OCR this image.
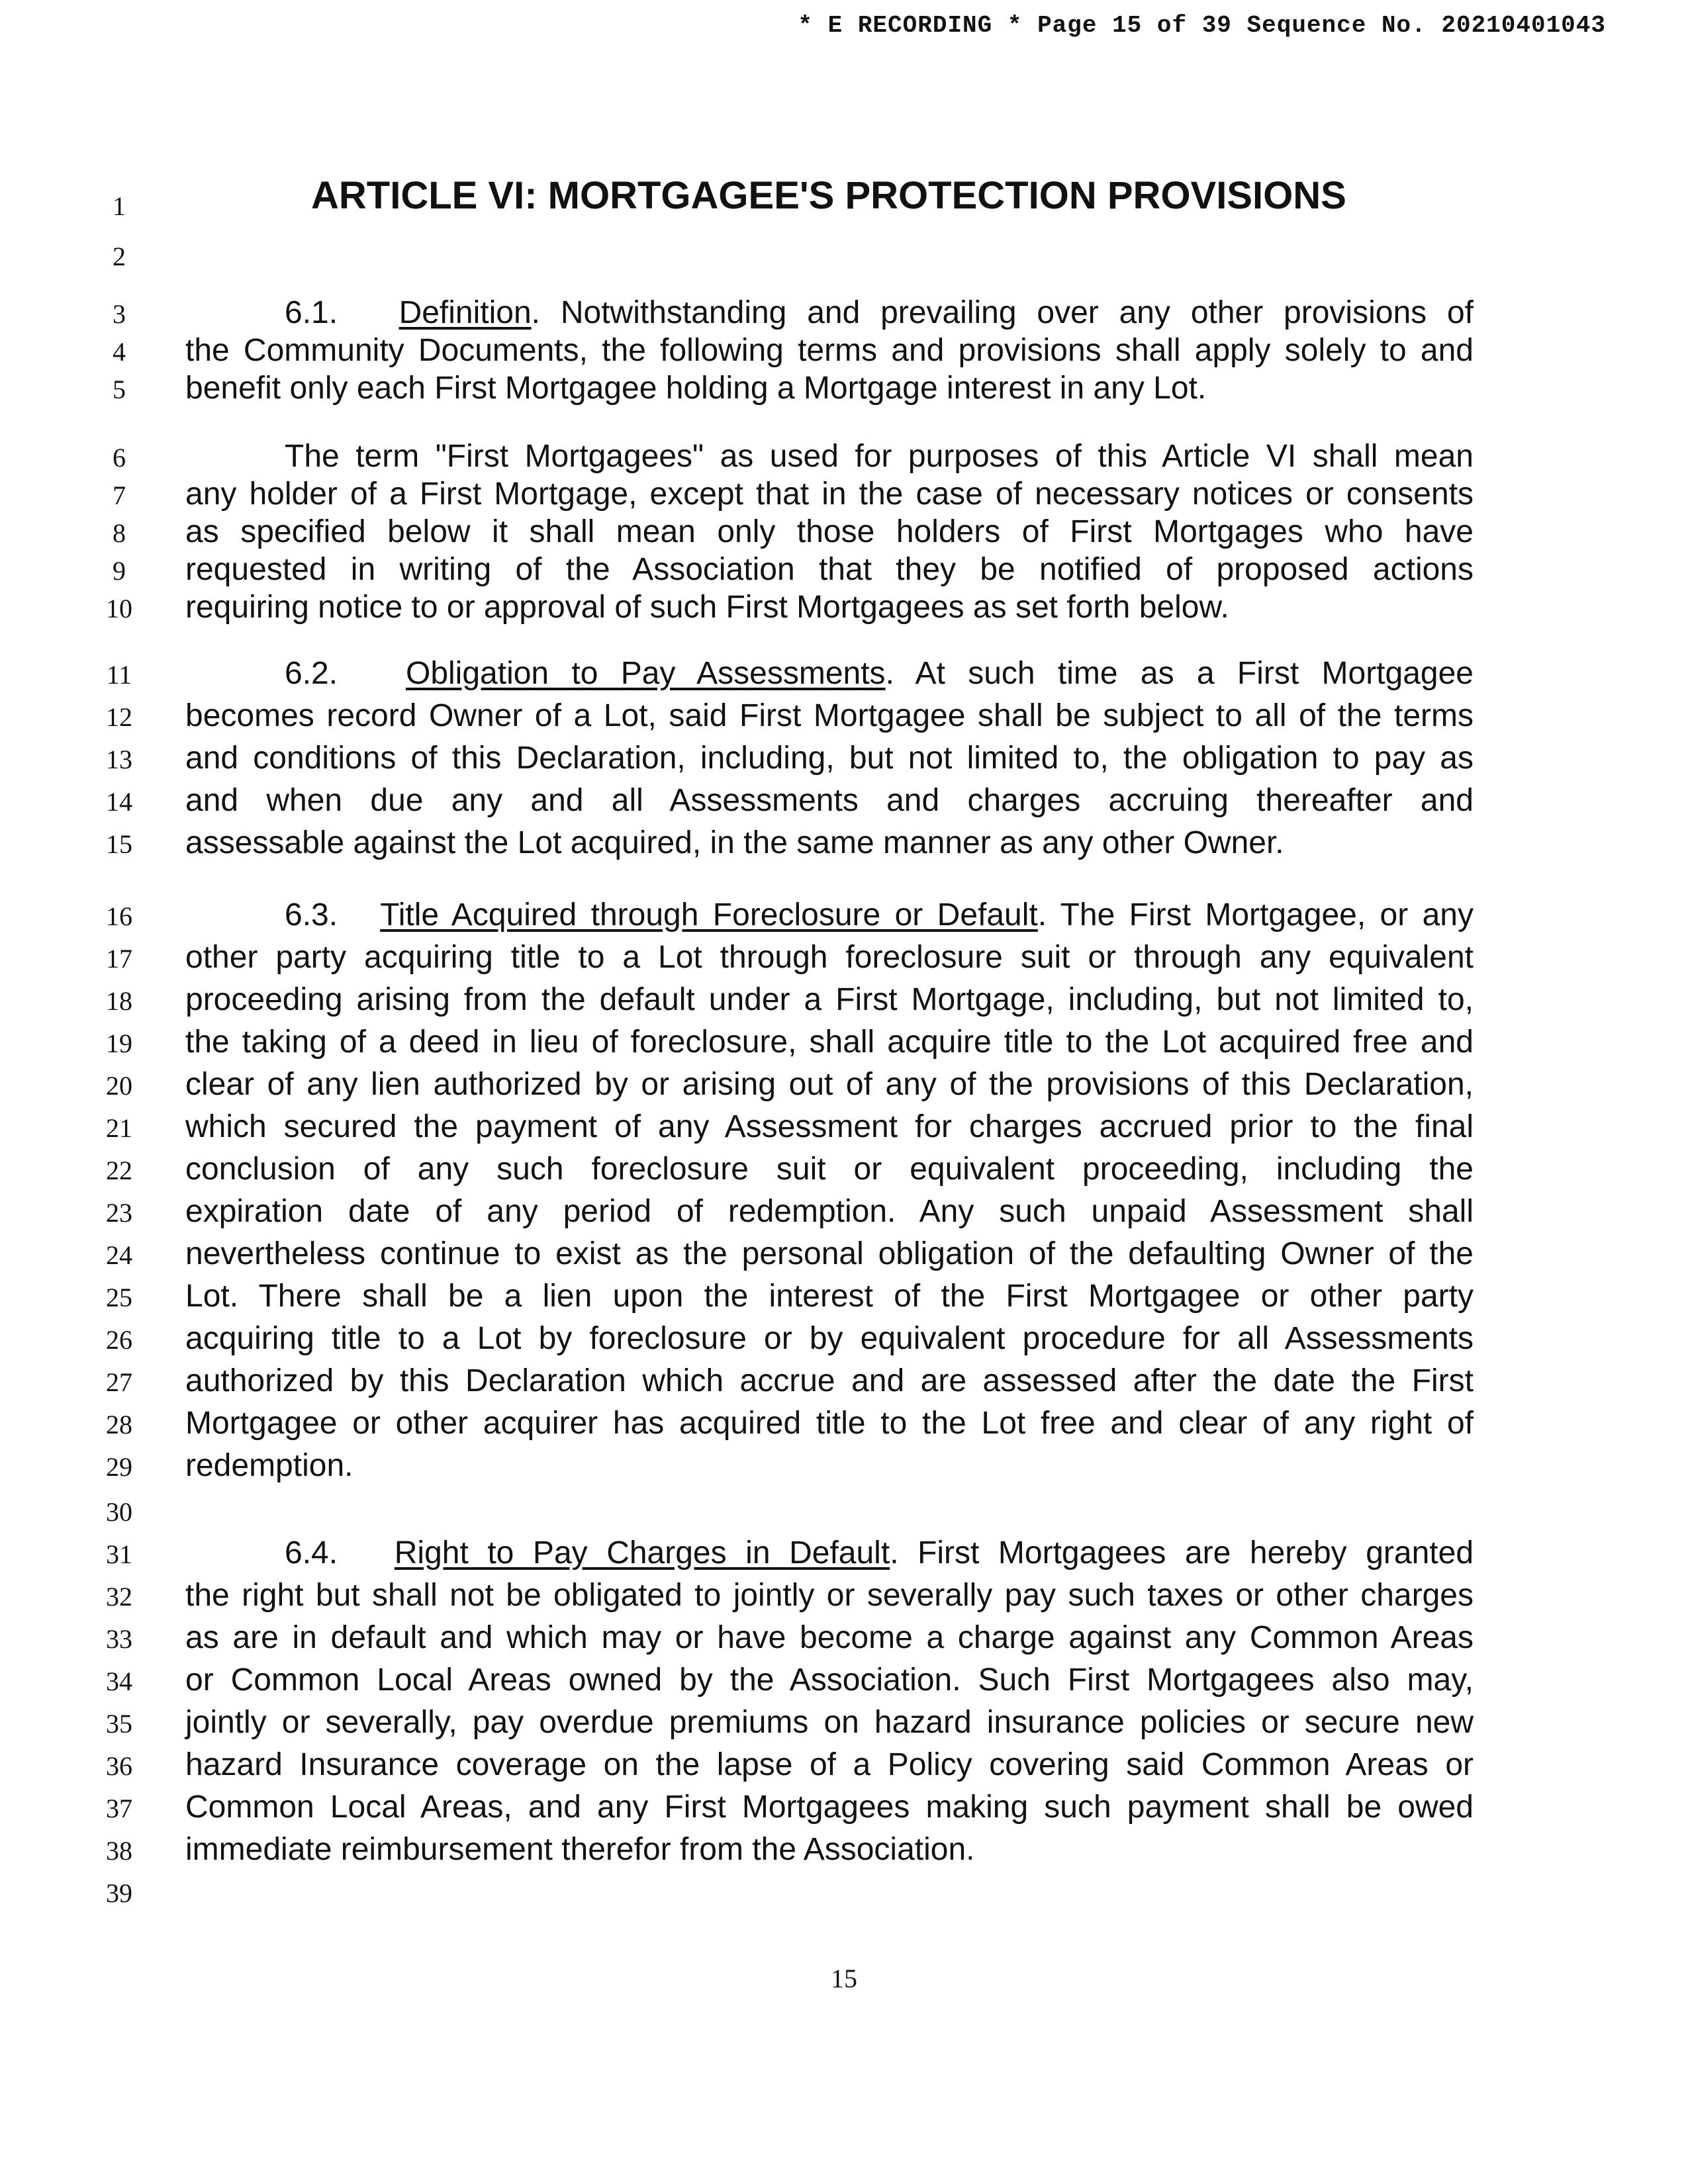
* E RECORDING * Page 15 of 39 Sequence No. 20210401043
1
2
3
4
5
6
7
8
9
10
11
12
13
14
15
16
17
18
19
20
21
22
23
24
25
26
27
28
29
30
31
32
33
34
35
36
37
38
39
ARTICLE VI: MORTGAGEE'S PROTECTION PROVISIONS
6.1. Definition. Notwithstanding and prevailing over any other provisions of
the Community Documents, the following terms and provisions shall apply solely to and
benefit only each First Mortgagee holding a Mortgage interest in any Lot.
The term "First Mortgagees" as used for purposes of this Article VI shall mean
any holder of a First Mortgage, except that in the case of necessary notices or consents
as specified below it shall mean only those holders of First Mortgages who have
requested in writing of the Association that they be notified of proposed actions
requiring notice to or approval of such First Mortgagees as set forth below.
6.2. Obligation to Pay Assessments. At such time as a First Mortgagee
becomes record Owner of a Lot, said First Mortgagee shall be subject to all of the terms
and conditions of this Declaration, including, but not limited to, the obligation to pay as
and when due any and all Assessments and charges accruing thereafter and
assessable against the Lot acquired, in the same manner as any other Owner.
6.3. Title Acquired through Foreclosure or Default. The First Mortgagee, or any
other party acquiring title to a Lot through foreclosure suit or through any equivalent
proceeding arising from the default under a First Mortgage, including, but not limited to,
the taking of a deed in lieu of foreclosure, shall acquire title to the Lot acquired free and
clear of any lien authorized by or arising out of any of the provisions of this Declaration,
which secured the payment of any Assessment for charges accrued prior to the final
conclusion of any such foreclosure suit or equivalent proceeding, including the
expiration date of any period of redemption. Any such unpaid Assessment shall
nevertheless continue to exist as the personal obligation of the defaulting Owner of the
Lot. There shall be a lien upon the interest of the First Mortgagee or other party
acquiring title to a Lot by foreclosure or by equivalent procedure for all Assessments
authorized by this Declaration which accrue and are assessed after the date the First
Mortgagee or other acquirer has acquired title to the Lot free and clear of any right of
redemption.
6.4. Right to Pay Charges in Default. First Mortgagees are hereby granted
the right but shall not be obligated to jointly or severally pay such taxes or other charges
as are in default and which may or have become a charge against any Common Areas
or Common Local Areas owned by the Association. Such First Mortgagees also may,
jointly or severally, pay overdue premiums on hazard insurance policies or secure new
hazard Insurance coverage on the lapse of a Policy covering said Common Areas or
Common Local Areas, and any First Mortgagees making such payment shall be owed
immediate reimbursement therefor from the Association.
15
